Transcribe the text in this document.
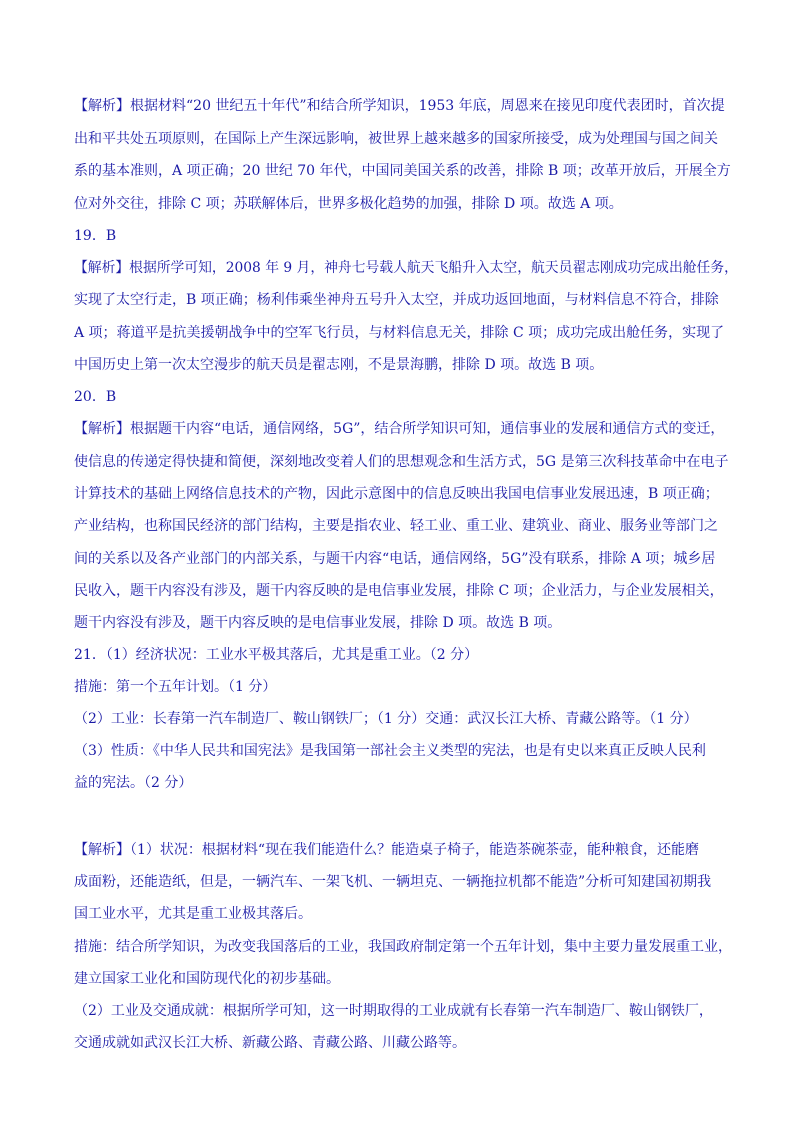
【解析】根据材料“20 世纪五十年代”和结合所学知识，1953 年底，周恩来在接见印度代表团时，首次提
出和平共处五项原则，在国际上产生深远影响，被世界上越来越多的国家所接受，成为处理国与国之间关
系的基本准则，A 项正确；20 世纪 70 年代，中国同美国关系的改善，排除 B 项；改革开放后，开展全方
位对外交往，排除 C 项；苏联解体后，世界多极化趋势的加强，排除 D 项。故选 A 项。
19．B
【解析】根据所学可知，2008 年 9 月，神舟七号载人航天飞船升入太空，航天员翟志刚成功完成出舱任务，
实现了太空行走，B 项正确；杨利伟乘坐神舟五号升入太空，并成功返回地面，与材料信息不符合，排除
A 项；蒋道平是抗美援朝战争中的空军飞行员，与材料信息无关，排除 C 项；成功完成出舱任务，实现了
中国历史上第一次太空漫步的航天员是翟志刚，不是景海鹏，排除 D 项。故选 B 项。
20．B
【解析】根据题干内容“电话，通信网络，5G”，结合所学知识可知，通信事业的发展和通信方式的变迁，
使信息的传递定得快捷和简便，深刻地改变着人们的思想观念和生活方式，5G 是第三次科技革命中在电子
计算技术的基础上网络信息技术的产物，因此示意图中的信息反映出我国电信事业发展迅速，B 项正确；
产业结构，也称国民经济的部门结构，主要是指农业、轻工业、重工业、建筑业、商业、服务业等部门之
间的关系以及各产业部门的内部关系，与题干内容“电话，通信网络，5G”没有联系，排除 A 项；城乡居
民收入，题干内容没有涉及，题干内容反映的是电信事业发展，排除 C 项；企业活力，与企业发展相关，
题干内容没有涉及，题干内容反映的是电信事业发展，排除 D 项。故选 B 项。
21．（1）经济状况：工业水平极其落后，尤其是重工业。（2 分）
措施：第一个五年计划。（1 分）
（2）工业：长春第一汽车制造厂、鞍山钢铁厂；（1 分）交通：武汉长江大桥、青藏公路等。（1 分）
（3）性质：《中华人民共和国宪法》是我国第一部社会主义类型的宪法，也是有史以来真正反映人民利
益的宪法。（2 分）
【解析】（1）状况：根据材料“现在我们能造什么？能造桌子椅子，能造茶碗茶壶，能种粮食，还能磨
成面粉，还能造纸，但是，一辆汽车、一架飞机、一辆坦克、一辆拖拉机都不能造”分析可知建国初期我
国工业水平，尤其是重工业极其落后。
措施：结合所学知识，为改变我国落后的工业，我国政府制定第一个五年计划，集中主要力量发展重工业，
建立国家工业化和国防现代化的初步基础。
（2）工业及交通成就：根据所学可知，这一时期取得的工业成就有长春第一汽车制造厂、鞍山钢铁厂，
交通成就如武汉长江大桥、新藏公路、青藏公路、川藏公路等。
